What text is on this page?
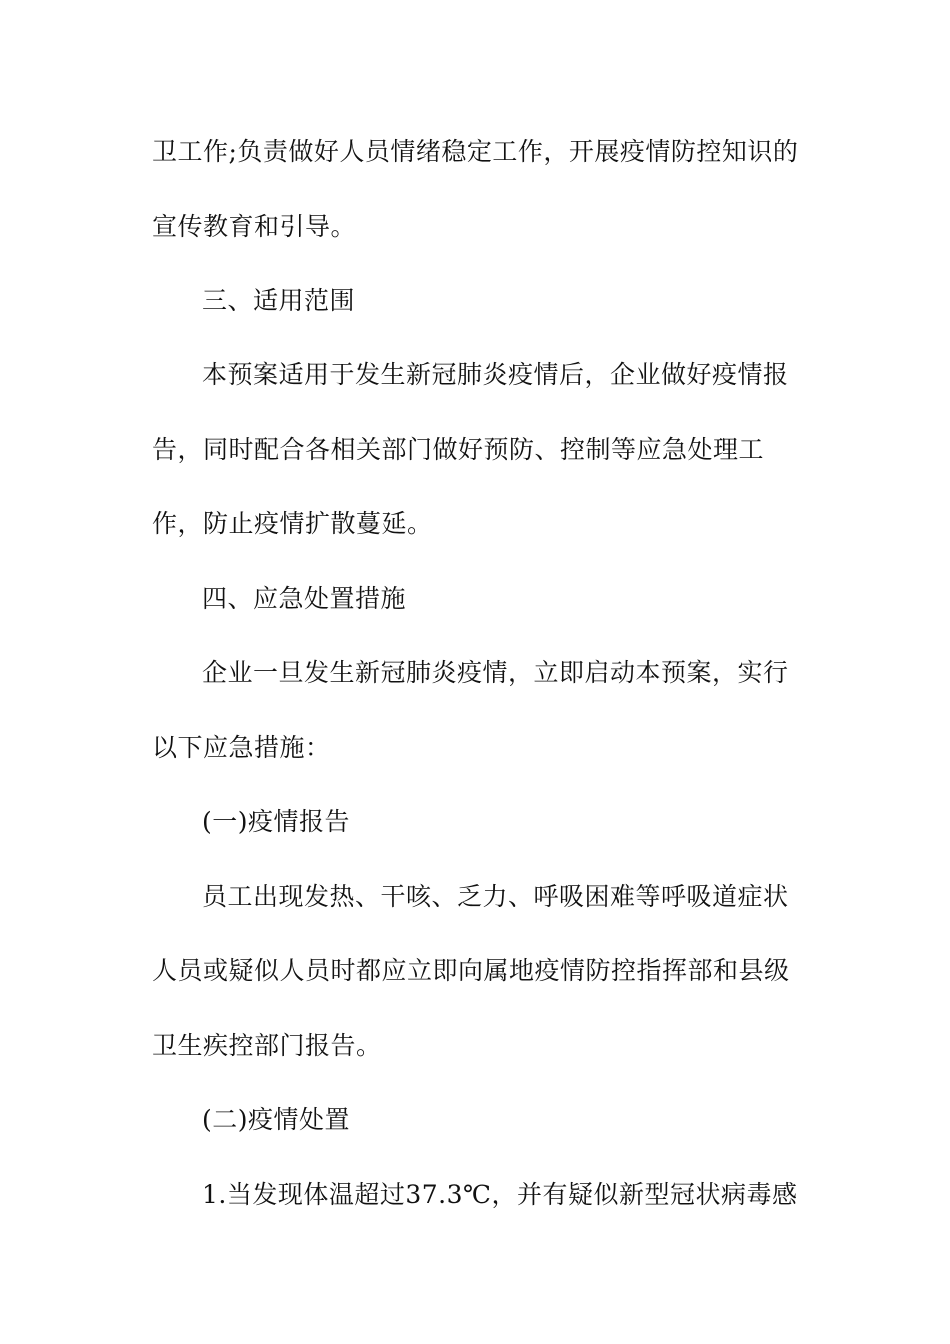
卫工作;负责做好人员情绪稳定工作，开展疫情防控知识的
宣传教育和引导。
三、适用范围
本预案适用于发生新冠肺炎疫情后，企业做好疫情报
告，同时配合各相关部门做好预防、控制等应急处理工
作，防止疫情扩散蔓延。
四、应急处置措施
企业一旦发生新冠肺炎疫情，立即启动本预案，实行
以下应急措施：
(一)疫情报告
员工出现发热、干咳、乏力、呼吸困难等呼吸道症状
人员或疑似人员时都应立即向属地疫情防控指挥部和县级
卫生疾控部门报告。
(二)疫情处置
1.当发现体温超过37.3℃，并有疑似新型冠状病毒感
